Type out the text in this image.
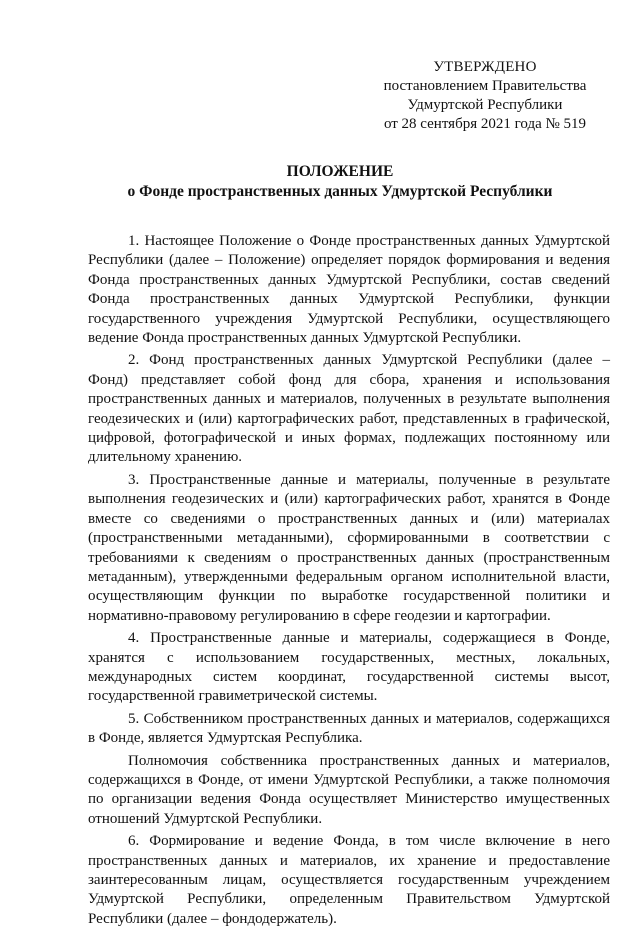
УТВЕРЖДЕНО
постановлением Правительства
Удмуртской Республики
от 28 сентября 2021 года № 519
ПОЛОЖЕНИЕ
о Фонде пространственных данных Удмуртской Республики

1. Настоящее Положение о Фонде пространственных данных Удмуртской Республики (далее – Положение) определяет порядок формирования и ведения Фонда пространственных данных Удмуртской Республики, состав сведений Фонда пространственных данных Удмуртской Республики, функции государственного учреждения Удмуртской Республики, осуществляющего ведение Фонда пространственных данных Удмуртской Республики.

2. Фонд пространственных данных Удмуртской Республики (далее – Фонд) представляет собой фонд для сбора, хранения и использования пространственных данных и материалов, полученных в результате выполнения геодезических и (или) картографических работ, представленных в графической, цифровой, фотографической и иных формах, подлежащих постоянному или длительному хранению.

3. Пространственные данные и материалы, полученные в результате выполнения геодезических и (или) картографических работ, хранятся в Фонде вместе со сведениями о пространственных данных и (или) материалах (пространственными метаданными), сформированными в соответствии с требованиями к сведениям о пространственных данных (пространственным метаданным), утвержденными федеральным органом исполнительной власти, осуществляющим функции по выработке государственной политики и нормативно-правовому регулированию в сфере геодезии и картографии.

4. Пространственные данные и материалы, содержащиеся в Фонде, хранятся с использованием государственных, местных, локальных, международных систем координат, государственной системы высот, государственной гравиметрической системы.

5. Собственником пространственных данных и материалов, содержащихся в Фонде, является Удмуртская Республика.

Полномочия собственника пространственных данных и материалов, содержащихся в Фонде, от имени Удмуртской Республики, а также полномочия по организации ведения Фонда осуществляет Министерство имущественных отношений Удмуртской Республики.

6. Формирование и ведение Фонда, в том числе включение в него пространственных данных и материалов, их хранение и предоставление заинтересованным лицам, осуществляется государственным учреждением Удмуртской Республики, определенным Правительством Удмуртской Республики (далее – фондодержатель).
